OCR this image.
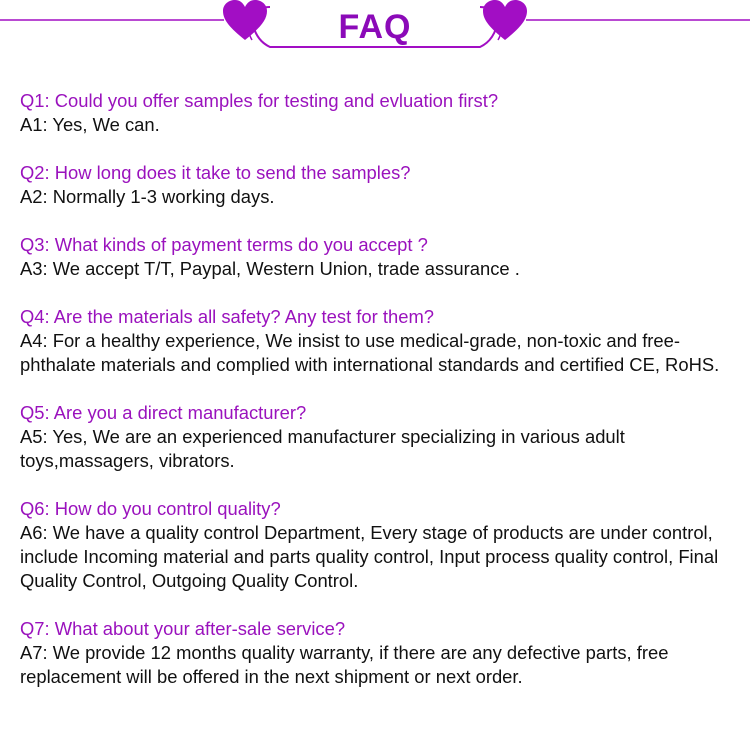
FAQ
Q1: Could you offer samples for testing and evluation first?
A1: Yes, We can.
Q2: How long does it take to send the samples?
A2: Normally 1-3 working days.
Q3: What kinds of payment terms do you accept ?
A3: We accept T/T, Paypal, Western Union, trade assurance .
Q4: Are the materials all safety? Any test for them?
A4: For a healthy experience, We insist to use medical-grade, non-toxic and free-phthalate materials and complied with international standards and certified CE, RoHS.
Q5: Are you a direct manufacturer?
A5: Yes, We are an experienced manufacturer specializing in various adult toys,massagers, vibrators.
Q6: How do you control quality?
A6: We have a quality control Department, Every stage of products are under control, include Incoming material and parts quality control, Input process quality control, Final Quality Control, Outgoing Quality Control.
Q7: What about your after-sale service?
A7: We provide 12 months quality warranty, if there are any defective parts, free replacement will be offered in the next shipment or next order.
